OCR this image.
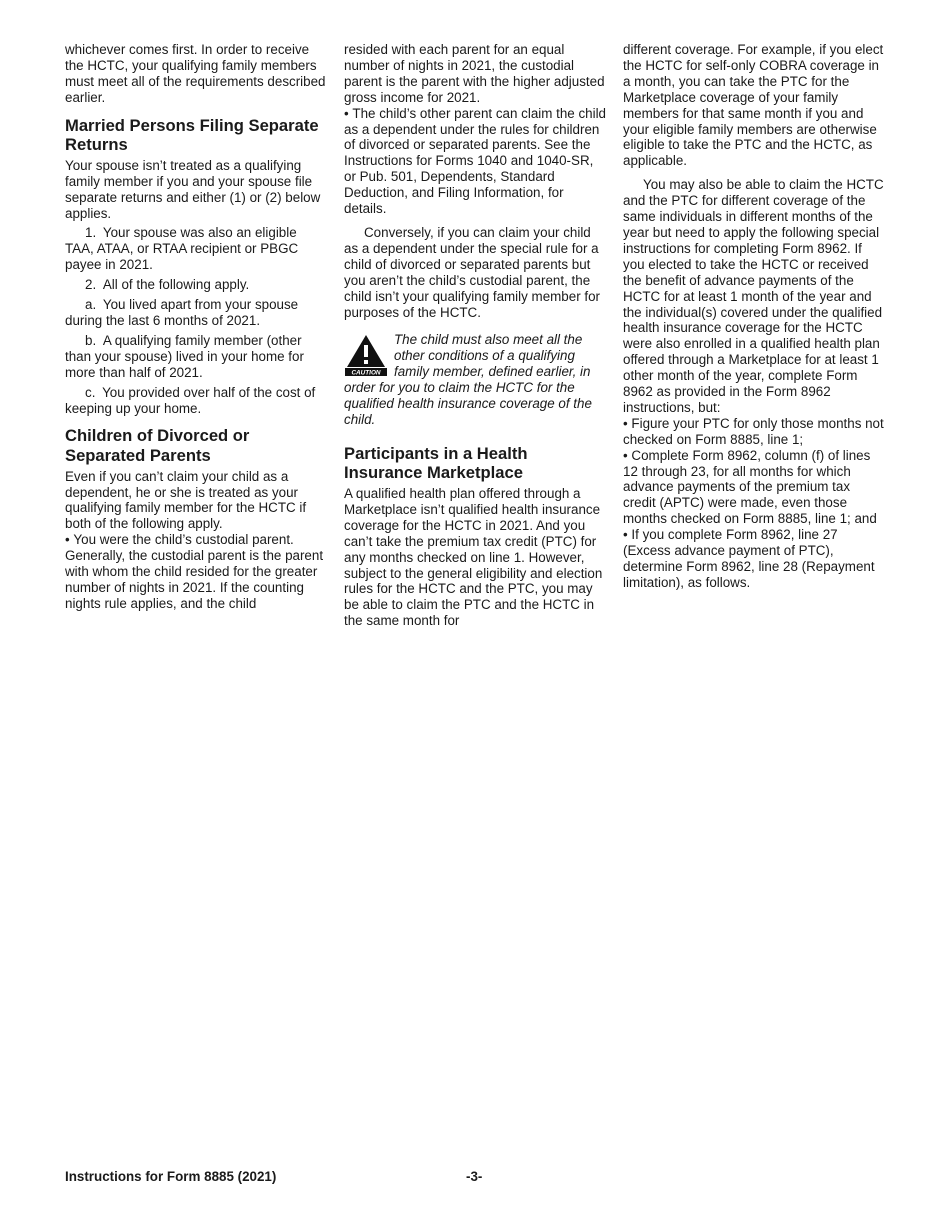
whichever comes first. In order to receive the HCTC, your qualifying family members must meet all of the requirements described earlier.

Married Persons Filing Separate Returns

Your spouse isn’t treated as a qualifying family member if you and your spouse file separate returns and either (1) or (2) below applies.

1. Your spouse was also an eligible TAA, ATAA, or RTAA recipient or PBGC payee in 2021.

2. All of the following apply.

a. You lived apart from your spouse during the last 6 months of 2021.

b. A qualifying family member (other than your spouse) lived in your home for more than half of 2021.

c. You provided over half of the cost of keeping up your home.

Children of Divorced or Separated Parents

Even if you can’t claim your child as a dependent, he or she is treated as your qualifying family member for the HCTC if both of the following apply.

• You were the child’s custodial parent. Generally, the custodial parent is the parent with whom the child resided for the greater number of nights in 2021. If the counting nights rule applies, and the child

resided with each parent for an equal number of nights in 2021, the custodial parent is the parent with the higher adjusted gross income for 2021.

• The child’s other parent can claim the child as a dependent under the rules for children of divorced or separated parents. See the Instructions for Forms 1040 and 1040-SR, or Pub. 501, Dependents, Standard Deduction, and Filing Information, for details.

Conversely, if you can claim your child as a dependent under the special rule for a child of divorced or separated parents but you aren’t the child’s custodial parent, the child isn’t your qualifying family member for purposes of the HCTC.

CAUTION
The child must also meet all the other conditions of a qualifying family member, defined earlier, in order for you to claim the HCTC for the qualified health insurance coverage of the child.
Participants in a Health Insurance Marketplace

A qualified health plan offered through a Marketplace isn’t qualified health insurance coverage for the HCTC in 2021. And you can’t take the premium tax credit (PTC) for any months checked on line 1. However, subject to the general eligibility and election rules for the HCTC and the PTC, you may be able to claim the PTC and the HCTC in the same month for

different coverage. For example, if you elect the HCTC for self-only COBRA coverage in a month, you can take the PTC for the Marketplace coverage of your family members for that same month if you and your eligible family members are otherwise eligible to take the PTC and the HCTC, as applicable.

You may also be able to claim the HCTC and the PTC for different coverage of the same individuals in different months of the year but need to apply the following special instructions for completing Form 8962. If you elected to take the HCTC or received the benefit of advance payments of the HCTC for at least 1 month of the year and the individual(s) covered under the qualified health insurance coverage for the HCTC were also enrolled in a qualified health plan offered through a Marketplace for at least 1 other month of the year, complete Form 8962 as provided in the Form 8962 instructions, but:

• Figure your PTC for only those months not checked on Form 8885, line 1;

• Complete Form 8962, column (f) of lines 12 through 23, for all months for which advance payments of the premium tax credit (APTC) were made, even those months checked on Form 8885, line 1; and

• If you complete Form 8962, line 27 (Excess advance payment of PTC), determine Form 8962, line 28 (Repayment limitation), as follows.

Instructions for Form 8885 (2021)	-3-
